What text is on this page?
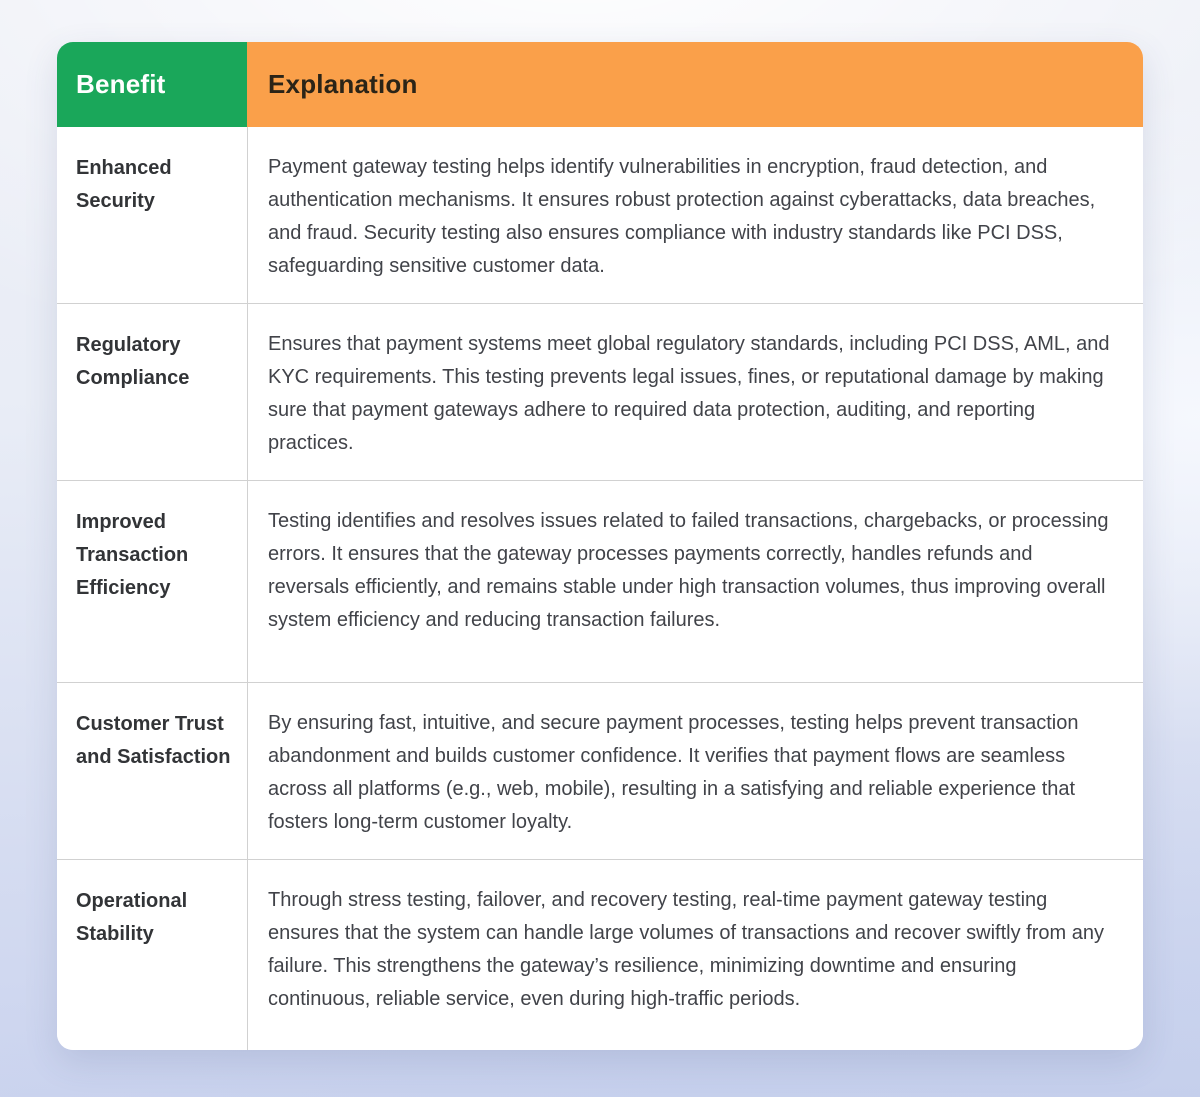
Benefit	Explanation
Enhanced Security
Payment gateway testing helps identify vulnerabilities in encryption, fraud detection, and authentication mechanisms. It ensures robust protection against cyberattacks, data breaches, and fraud. Security testing also ensures compliance with industry standards like PCI DSS, safeguarding sensitive customer data.
Regulatory Compliance
Ensures that payment systems meet global regulatory standards, including PCI DSS, AML, and KYC requirements. This testing prevents legal issues, fines, or reputational damage by making sure that payment gateways adhere to required data protection, auditing, and reporting practices.
Improved Transaction Efficiency
Testing identifies and resolves issues related to failed transactions, chargebacks, or processing errors. It ensures that the gateway processes payments correctly, handles refunds and reversals efficiently, and remains stable under high transaction volumes, thus improving overall system efficiency and reducing transaction failures.
Customer Trust and Satisfaction
By ensuring fast, intuitive, and secure payment processes, testing helps prevent transaction abandonment and builds customer confidence. It verifies that payment flows are seamless across all platforms (e.g., web, mobile), resulting in a satisfying and reliable experience that fosters long-term customer loyalty.
Operational Stability
Through stress testing, failover, and recovery testing, real-time payment gateway testing ensures that the system can handle large volumes of transactions and recover swiftly from any failure. This strengthens the gateway’s resilience, minimizing downtime and ensuring continuous, reliable service, even during high-traffic periods.
